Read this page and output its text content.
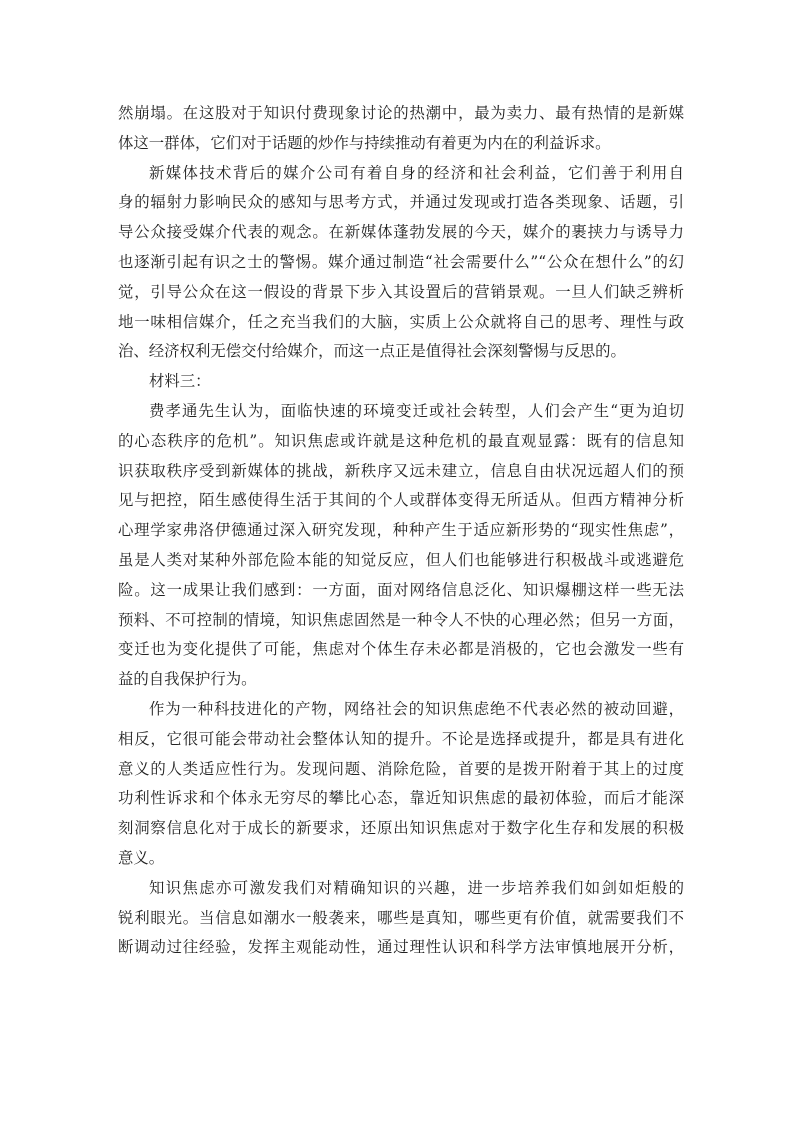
然崩塌。在这股对于知识付费现象讨论的热潮中，最为卖力、最有热情的是新媒
体这一群体，它们对于话题的炒作与持续推动有着更为内在的利益诉求。
新媒体技术背后的媒介公司有着自身的经济和社会利益，它们善于利用自
身的辐射力影响民众的感知与思考方式，并通过发现或打造各类现象、话题，引
导公众接受媒介代表的观念。在新媒体蓬勃发展的今天，媒介的裹挟力与诱导力
也逐渐引起有识之士的警惕。媒介通过制造“社会需要什么”“公众在想什么”的幻
觉，引导公众在这一假设的背景下步入其设置后的营销景观。一旦人们缺乏辨析
地一味相信媒介，任之充当我们的大脑，实质上公众就将自己的思考、理性与政
治、经济权利无偿交付给媒介，而这一点正是值得社会深刻警惕与反思的。
材料三：
费孝通先生认为，面临快速的环境变迁或社会转型，人们会产生“更为迫切
的心态秩序的危机”。知识焦虑或许就是这种危机的最直观显露：既有的信息知
识获取秩序受到新媒体的挑战，新秩序又远未建立，信息自由状况远超人们的预
见与把控，陌生感使得生活于其间的个人或群体变得无所适从。但西方精神分析
心理学家弗洛伊德通过深入研究发现，种种产生于适应新形势的“现实性焦虑”，
虽是人类对某种外部危险本能的知觉反应，但人们也能够进行积极战斗或逃避危
险。这一成果让我们感到：一方面，面对网络信息泛化、知识爆棚这样一些无法
预料、不可控制的情境，知识焦虑固然是一种令人不快的心理必然；但另一方面，
变迁也为变化提供了可能，焦虑对个体生存未必都是消极的，它也会激发一些有
益的自我保护行为。
作为一种科技进化的产物，网络社会的知识焦虑绝不代表必然的被动回避，
相反，它很可能会带动社会整体认知的提升。不论是选择或提升，都是具有进化
意义的人类适应性行为。发现问题、消除危险，首要的是拨开附着于其上的过度
功利性诉求和个体永无穷尽的攀比心态，靠近知识焦虑的最初体验，而后才能深
刻洞察信息化对于成长的新要求，还原出知识焦虑对于数字化生存和发展的积极
意义。
知识焦虑亦可激发我们对精确知识的兴趣，进一步培养我们如剑如炬般的
锐利眼光。当信息如潮水一般袭来，哪些是真知，哪些更有价值，就需要我们不
断调动过往经验，发挥主观能动性，通过理性认识和科学方法审慎地展开分析，
